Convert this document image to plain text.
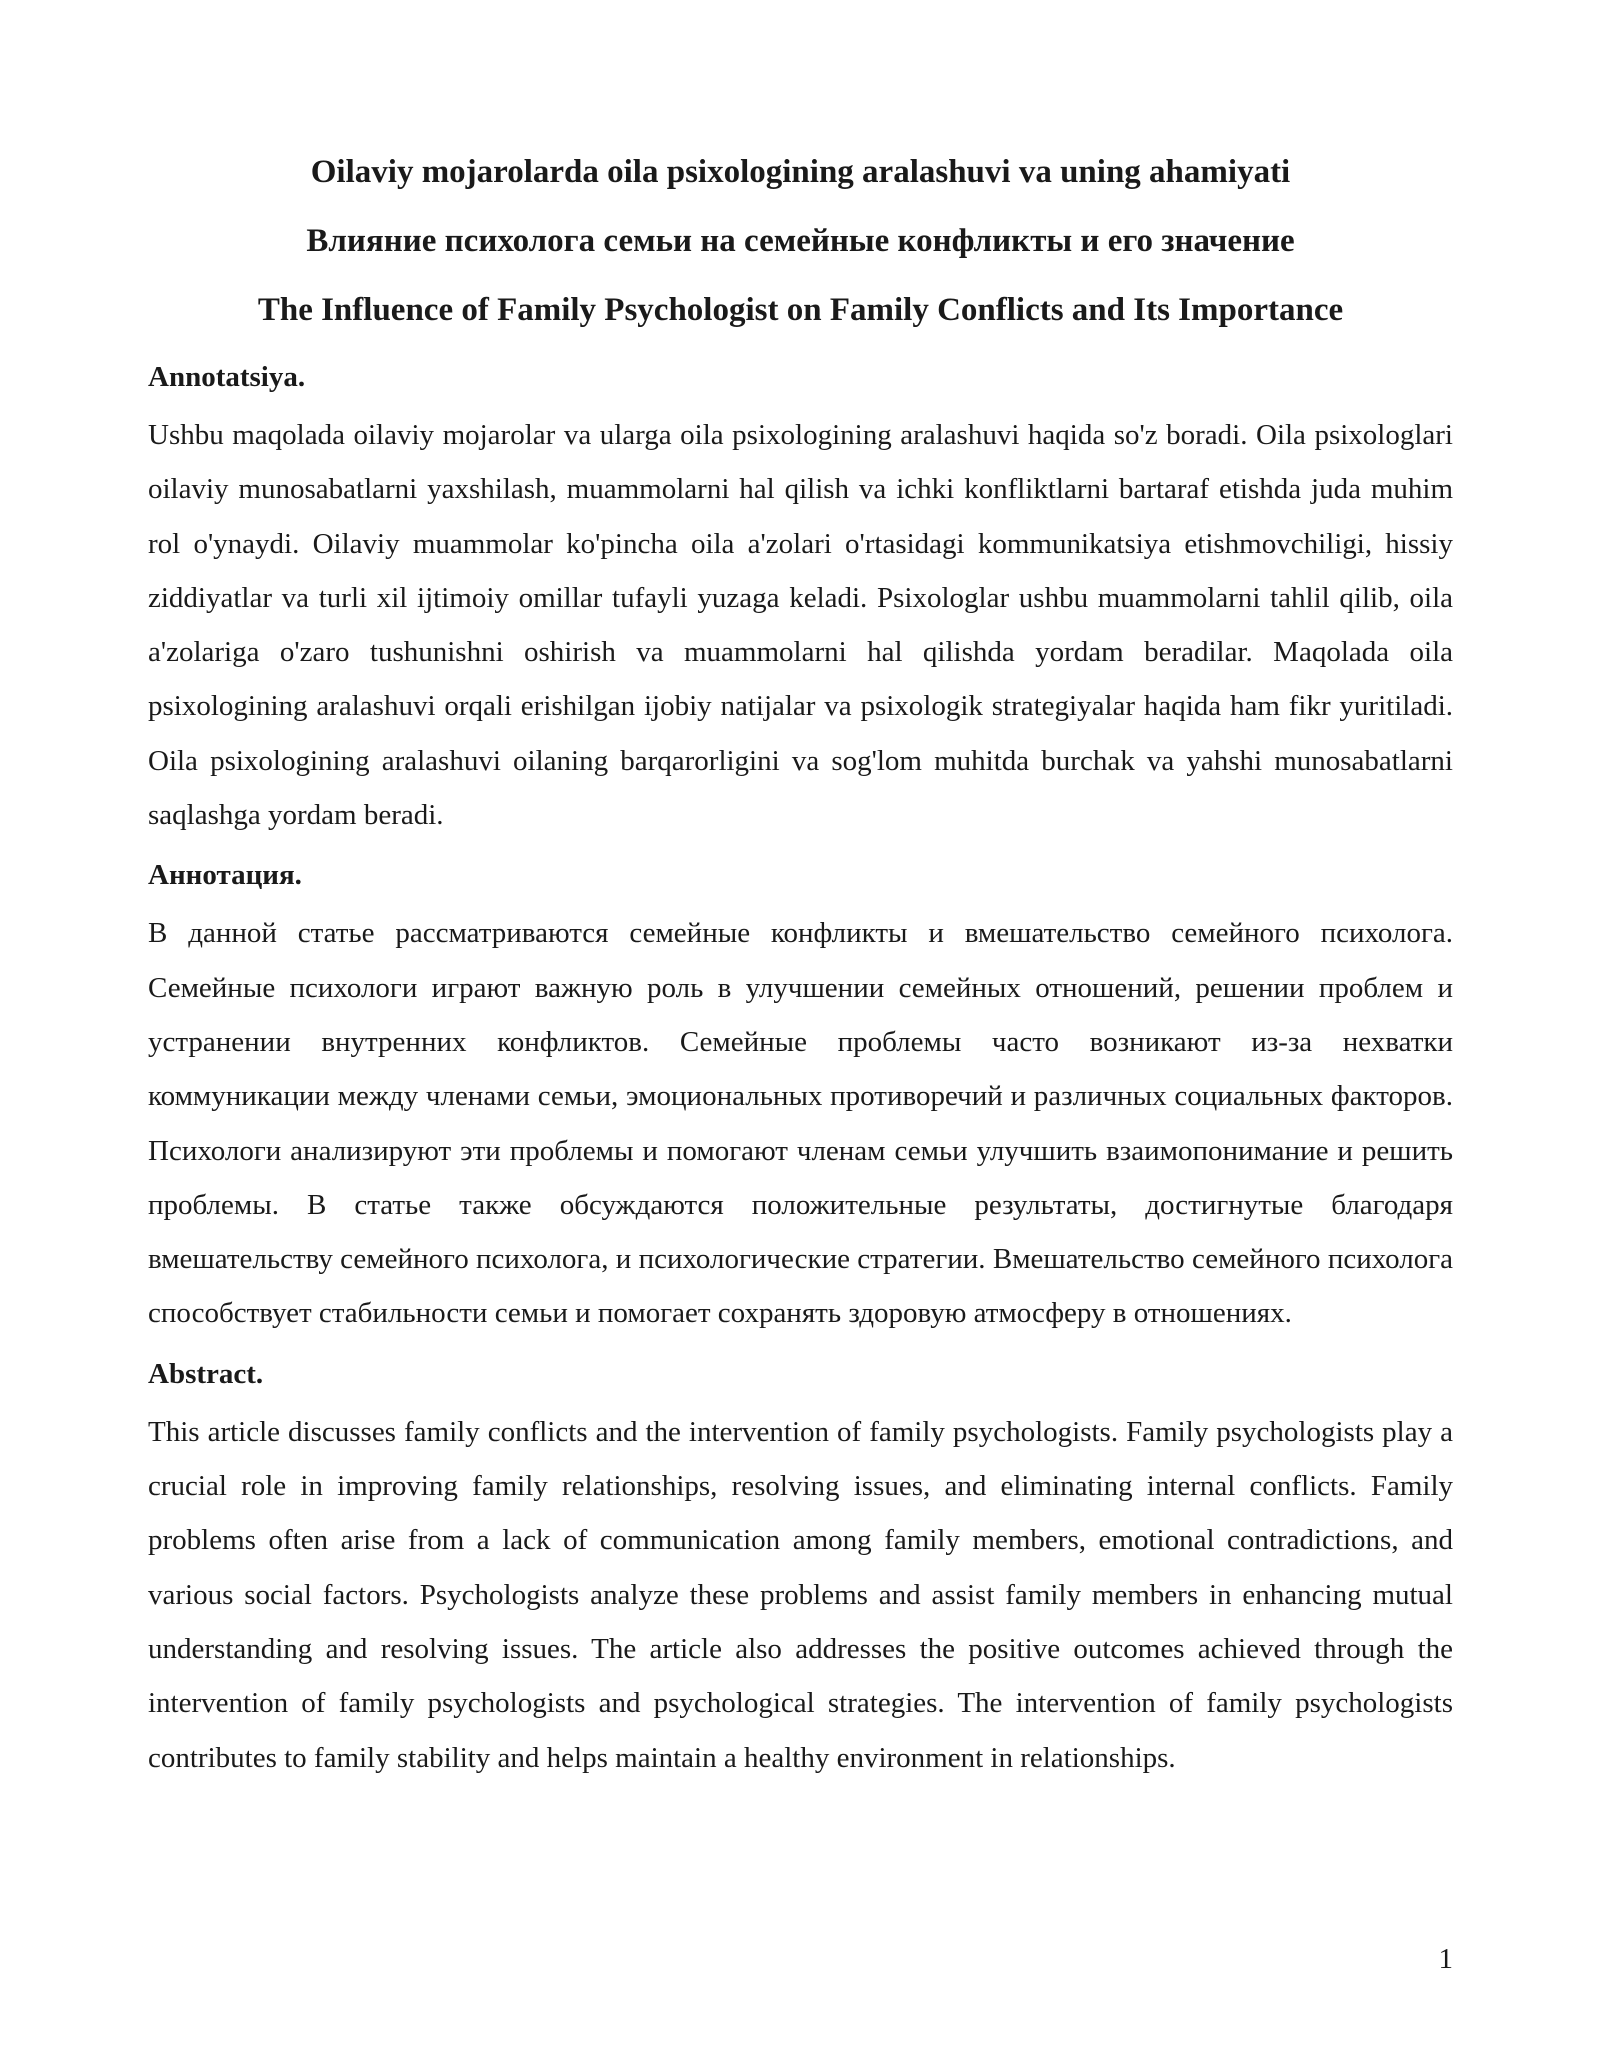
Oilaviy mojarolarda oila psixologining aralashuvi va uning ahamiyati
Влияние психолога семьи на семейные конфликты и его значение
The Influence of Family Psychologist on Family Conflicts and Its Importance
Annotatsiya.

Ushbu maqolada oilaviy mojarolar va ularga oila psixologining aralashuvi haqida so'z boradi. Oila psixologlari oilaviy munosabatlarni yaxshilash, muammolarni hal qilish va ichki konfliktlarni bartaraf etishda juda muhim rol o'ynaydi. Oilaviy muammolar ko'pincha oila a'zolari o'rtasidagi kommunikatsiya etishmovchiligi, hissiy ziddiyatlar va turli xil ijtimoiy omillar tufayli yuzaga keladi. Psixologlar ushbu muammolarni tahlil qilib, oila a'zolariga o'zaro tushunishni oshirish va muammolarni hal qilishda yordam beradilar. Maqolada oila psixologining aralashuvi orqali erishilgan ijobiy natijalar va psixologik strategiyalar haqida ham fikr yuritiladi. Oila psixologining aralashuvi oilaning barqarorligini va sog'lom muhitda burchak va yahshi munosabatlarni saqlashga yordam beradi.

Аннотация.

В данной статье рассматриваются семейные конфликты и вмешательство семейного психолога. Семейные психологи играют важную роль в улучшении семейных отношений, решении проблем и устранении внутренних конфликтов. Семейные проблемы часто возникают из-за нехватки коммуникации между членами семьи, эмоциональных противоречий и различных социальных факторов. Психологи анализируют эти проблемы и помогают членам семьи улучшить взаимопонимание и решить проблемы. В статье также обсуждаются положительные результаты, достигнутые благодаря вмешательству семейного психолога, и психологические стратегии. Вмешательство семейного психолога способствует стабильности семьи и помогает сохранять здоровую атмосферу в отношениях.

Abstract.

This article discusses family conflicts and the intervention of family psychologists. Family psychologists play a crucial role in improving family relationships, resolving issues, and eliminating internal conflicts. Family problems often arise from a lack of communication among family members, emotional contradictions, and various social factors. Psychologists analyze these problems and assist family members in enhancing mutual understanding and resolving issues. The article also addresses the positive outcomes achieved through the intervention of family psychologists and psychological strategies. The intervention of family psychologists contributes to family stability and helps maintain a healthy environment in relationships.

1
